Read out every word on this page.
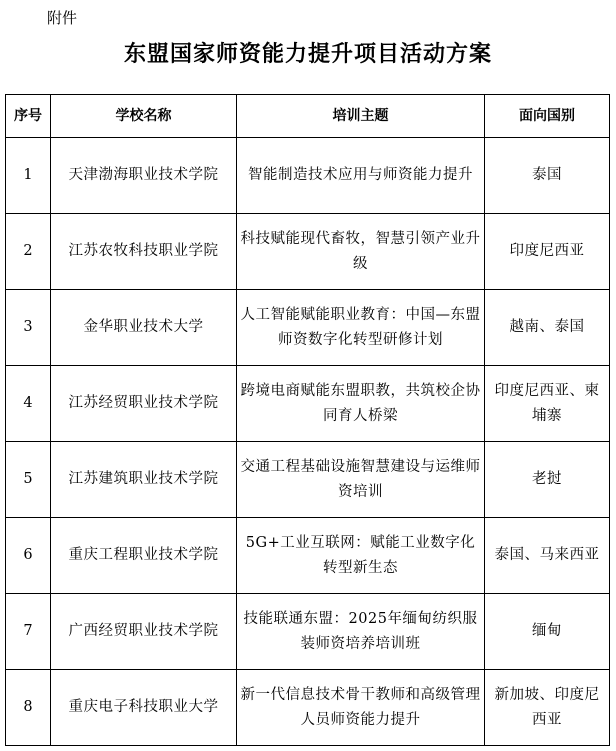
附件
东盟国家师资能力提升项目活动方案
序号	学校名称	培训主题	面向国别
1	天津渤海职业技术学院	智能制造技术应用与师资能力提升	泰国
2	江苏农牧科技职业学院	科技赋能现代畜牧，智慧引领产业升级	印度尼西亚
3	金华职业技术大学	人工智能赋能职业教育：中国—东盟师资数字化转型研修计划	越南、泰国
4	江苏经贸职业技术学院	跨境电商赋能东盟职教，共筑校企协同育人桥梁	印度尼西亚、柬埔寨
5	江苏建筑职业技术学院	交通工程基础设施智慧建设与运维师资培训	老挝
6	重庆工程职业技术学院	5G+工业互联网：赋能工业数字化转型新生态	泰国、马来西亚
7	广西经贸职业技术学院	技能联通东盟：2025年缅甸纺织服装师资培养培训班	缅甸
8	重庆电子科技职业大学	新一代信息技术骨干教师和高级管理人员师资能力提升	新加坡、印度尼西亚
